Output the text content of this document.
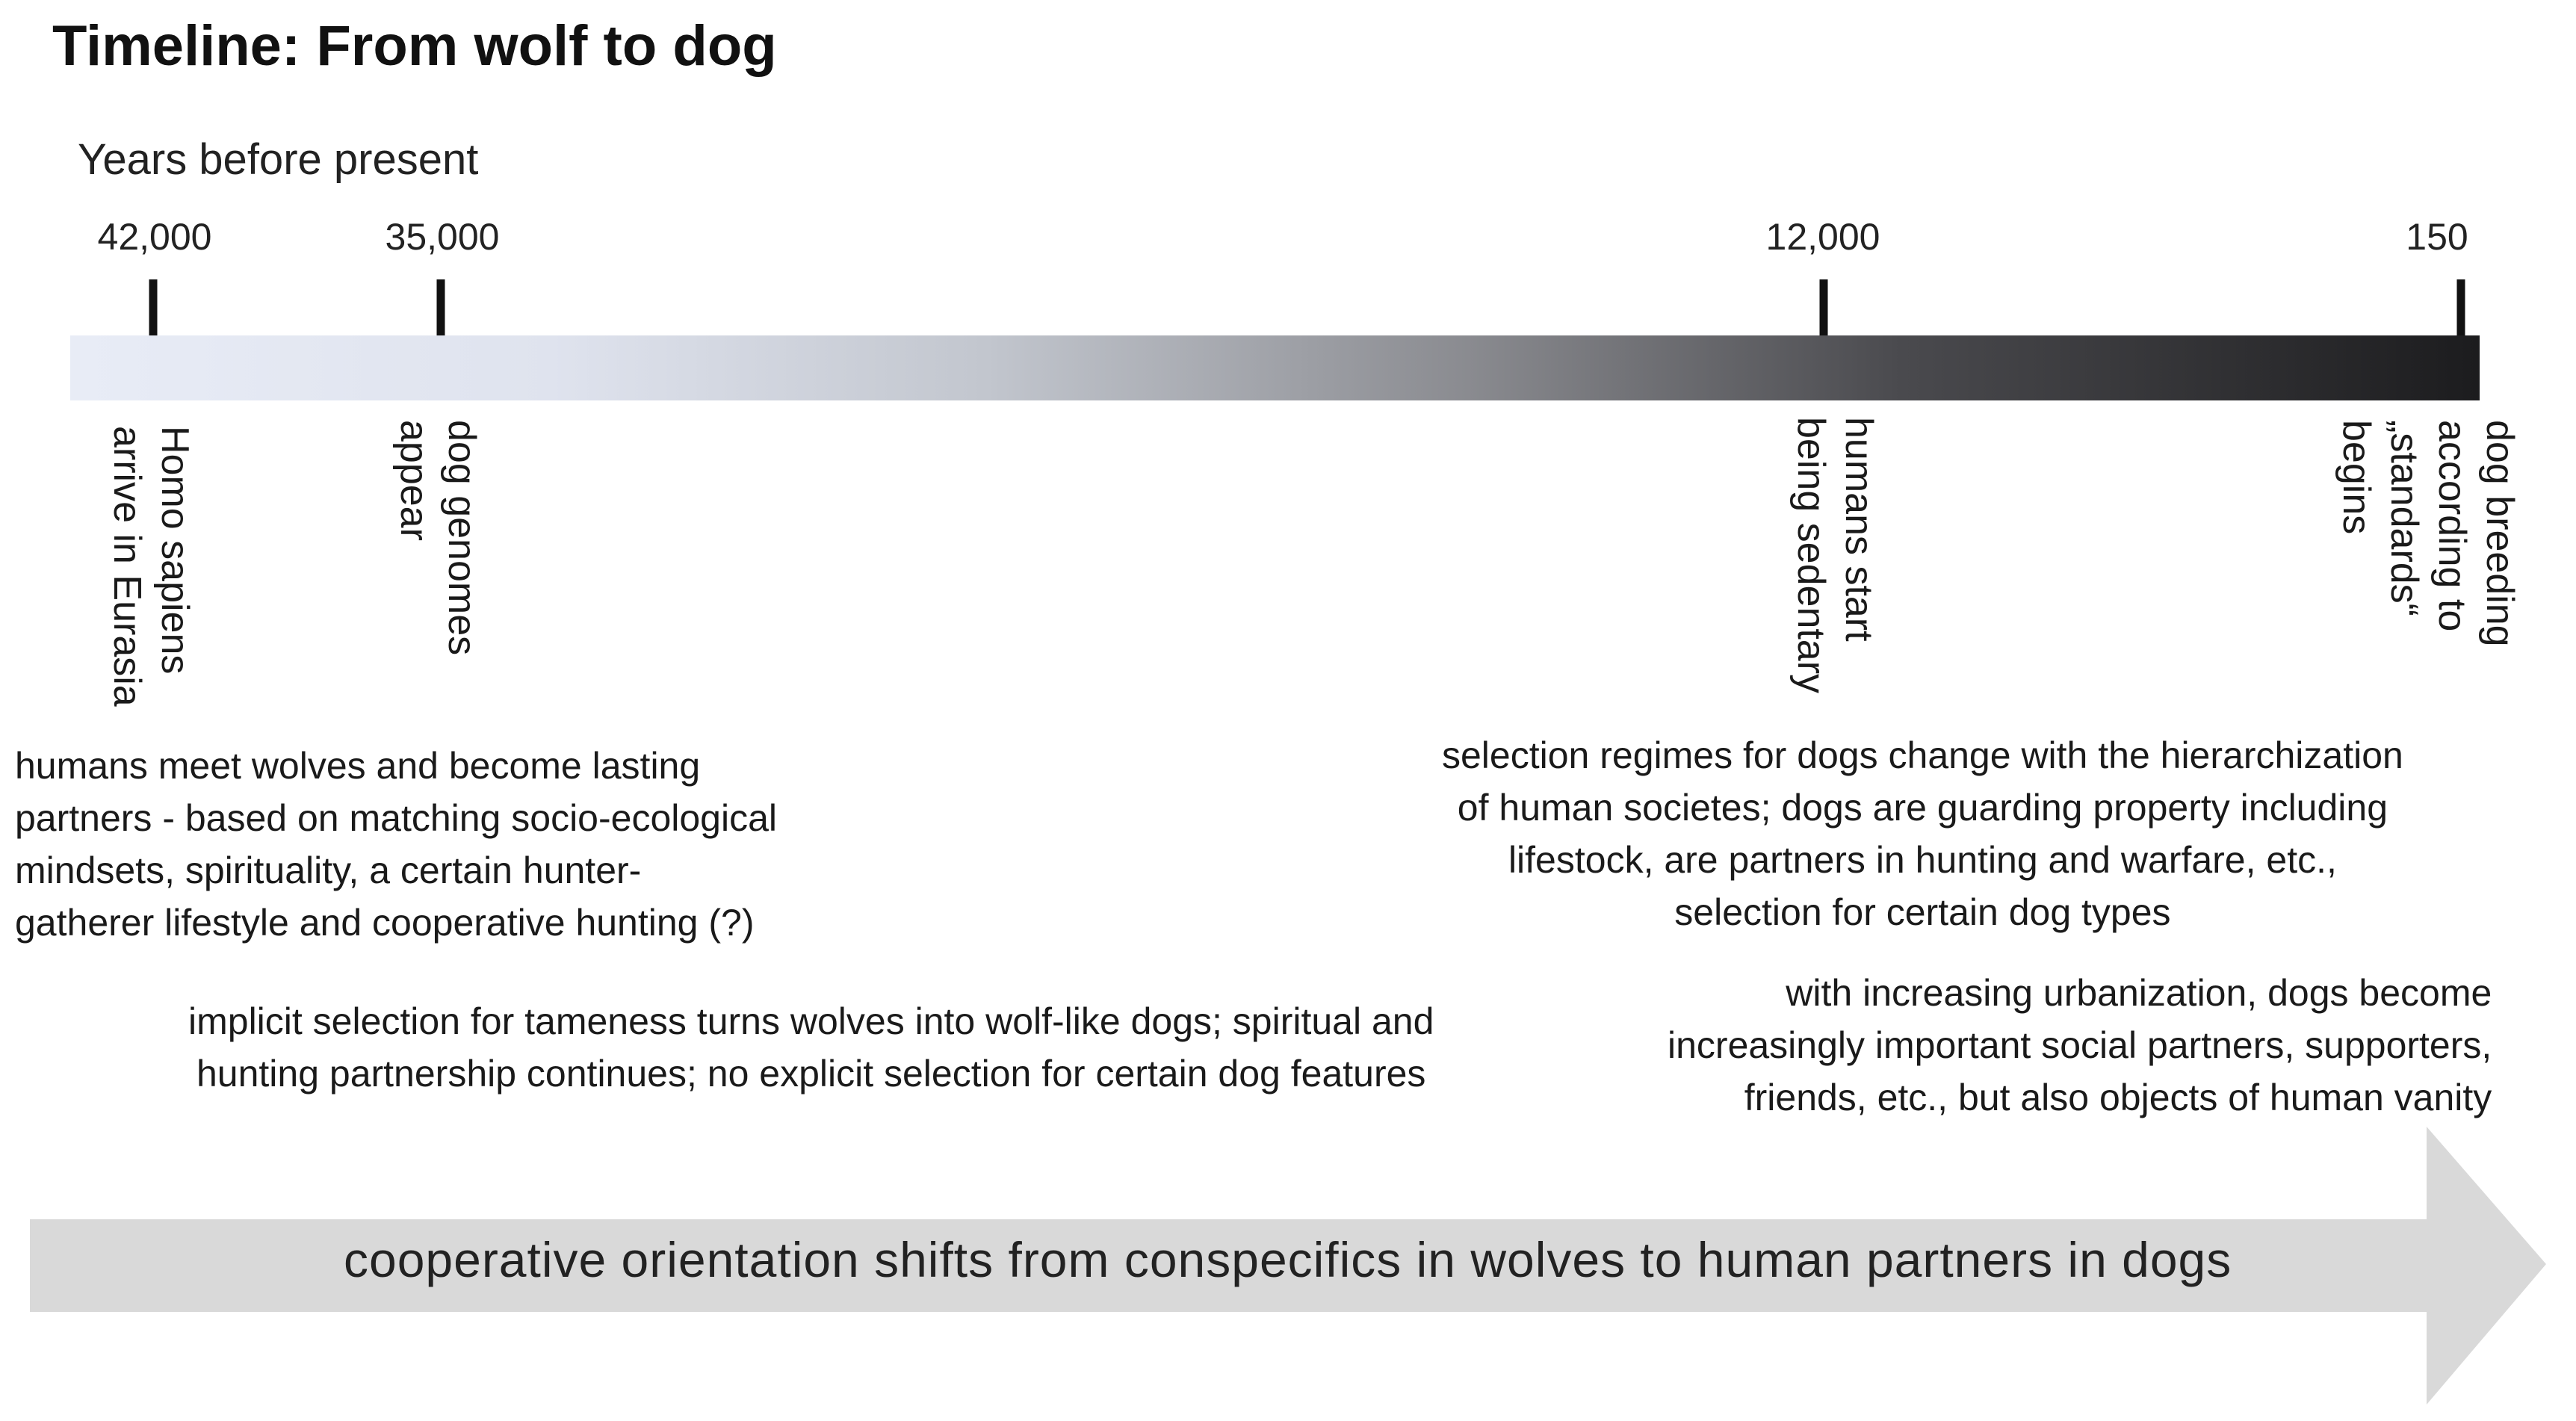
Timeline: From wolf to dog
Years before present
42,000	35,000	12,000	150
Homo sapiens
arrive in Eurasia
dog genomes
appear	humans start
being sedentary
dog breeding
according to
„standards“
begins
humans meet wolves and become lasting
partners - based on matching socio-ecological
mindsets, spirituality, a certain hunter-
gatherer lifestyle and cooperative hunting (?)
implicit selection for tameness turns wolves into wolf-like dogs; spiritual and
hunting partnership continues; no explicit selection for certain dog features
selection regimes for dogs change with the hierarchization
of human societes; dogs are guarding property including
lifestock, are partners in hunting and warfare, etc.,
selection for certain dog types
with increasing urbanization, dogs become
increasingly important social partners, supporters,
friends, etc., but also objects of human vanity
cooperative orientation shifts from conspecifics in wolves to human partners in dogs
